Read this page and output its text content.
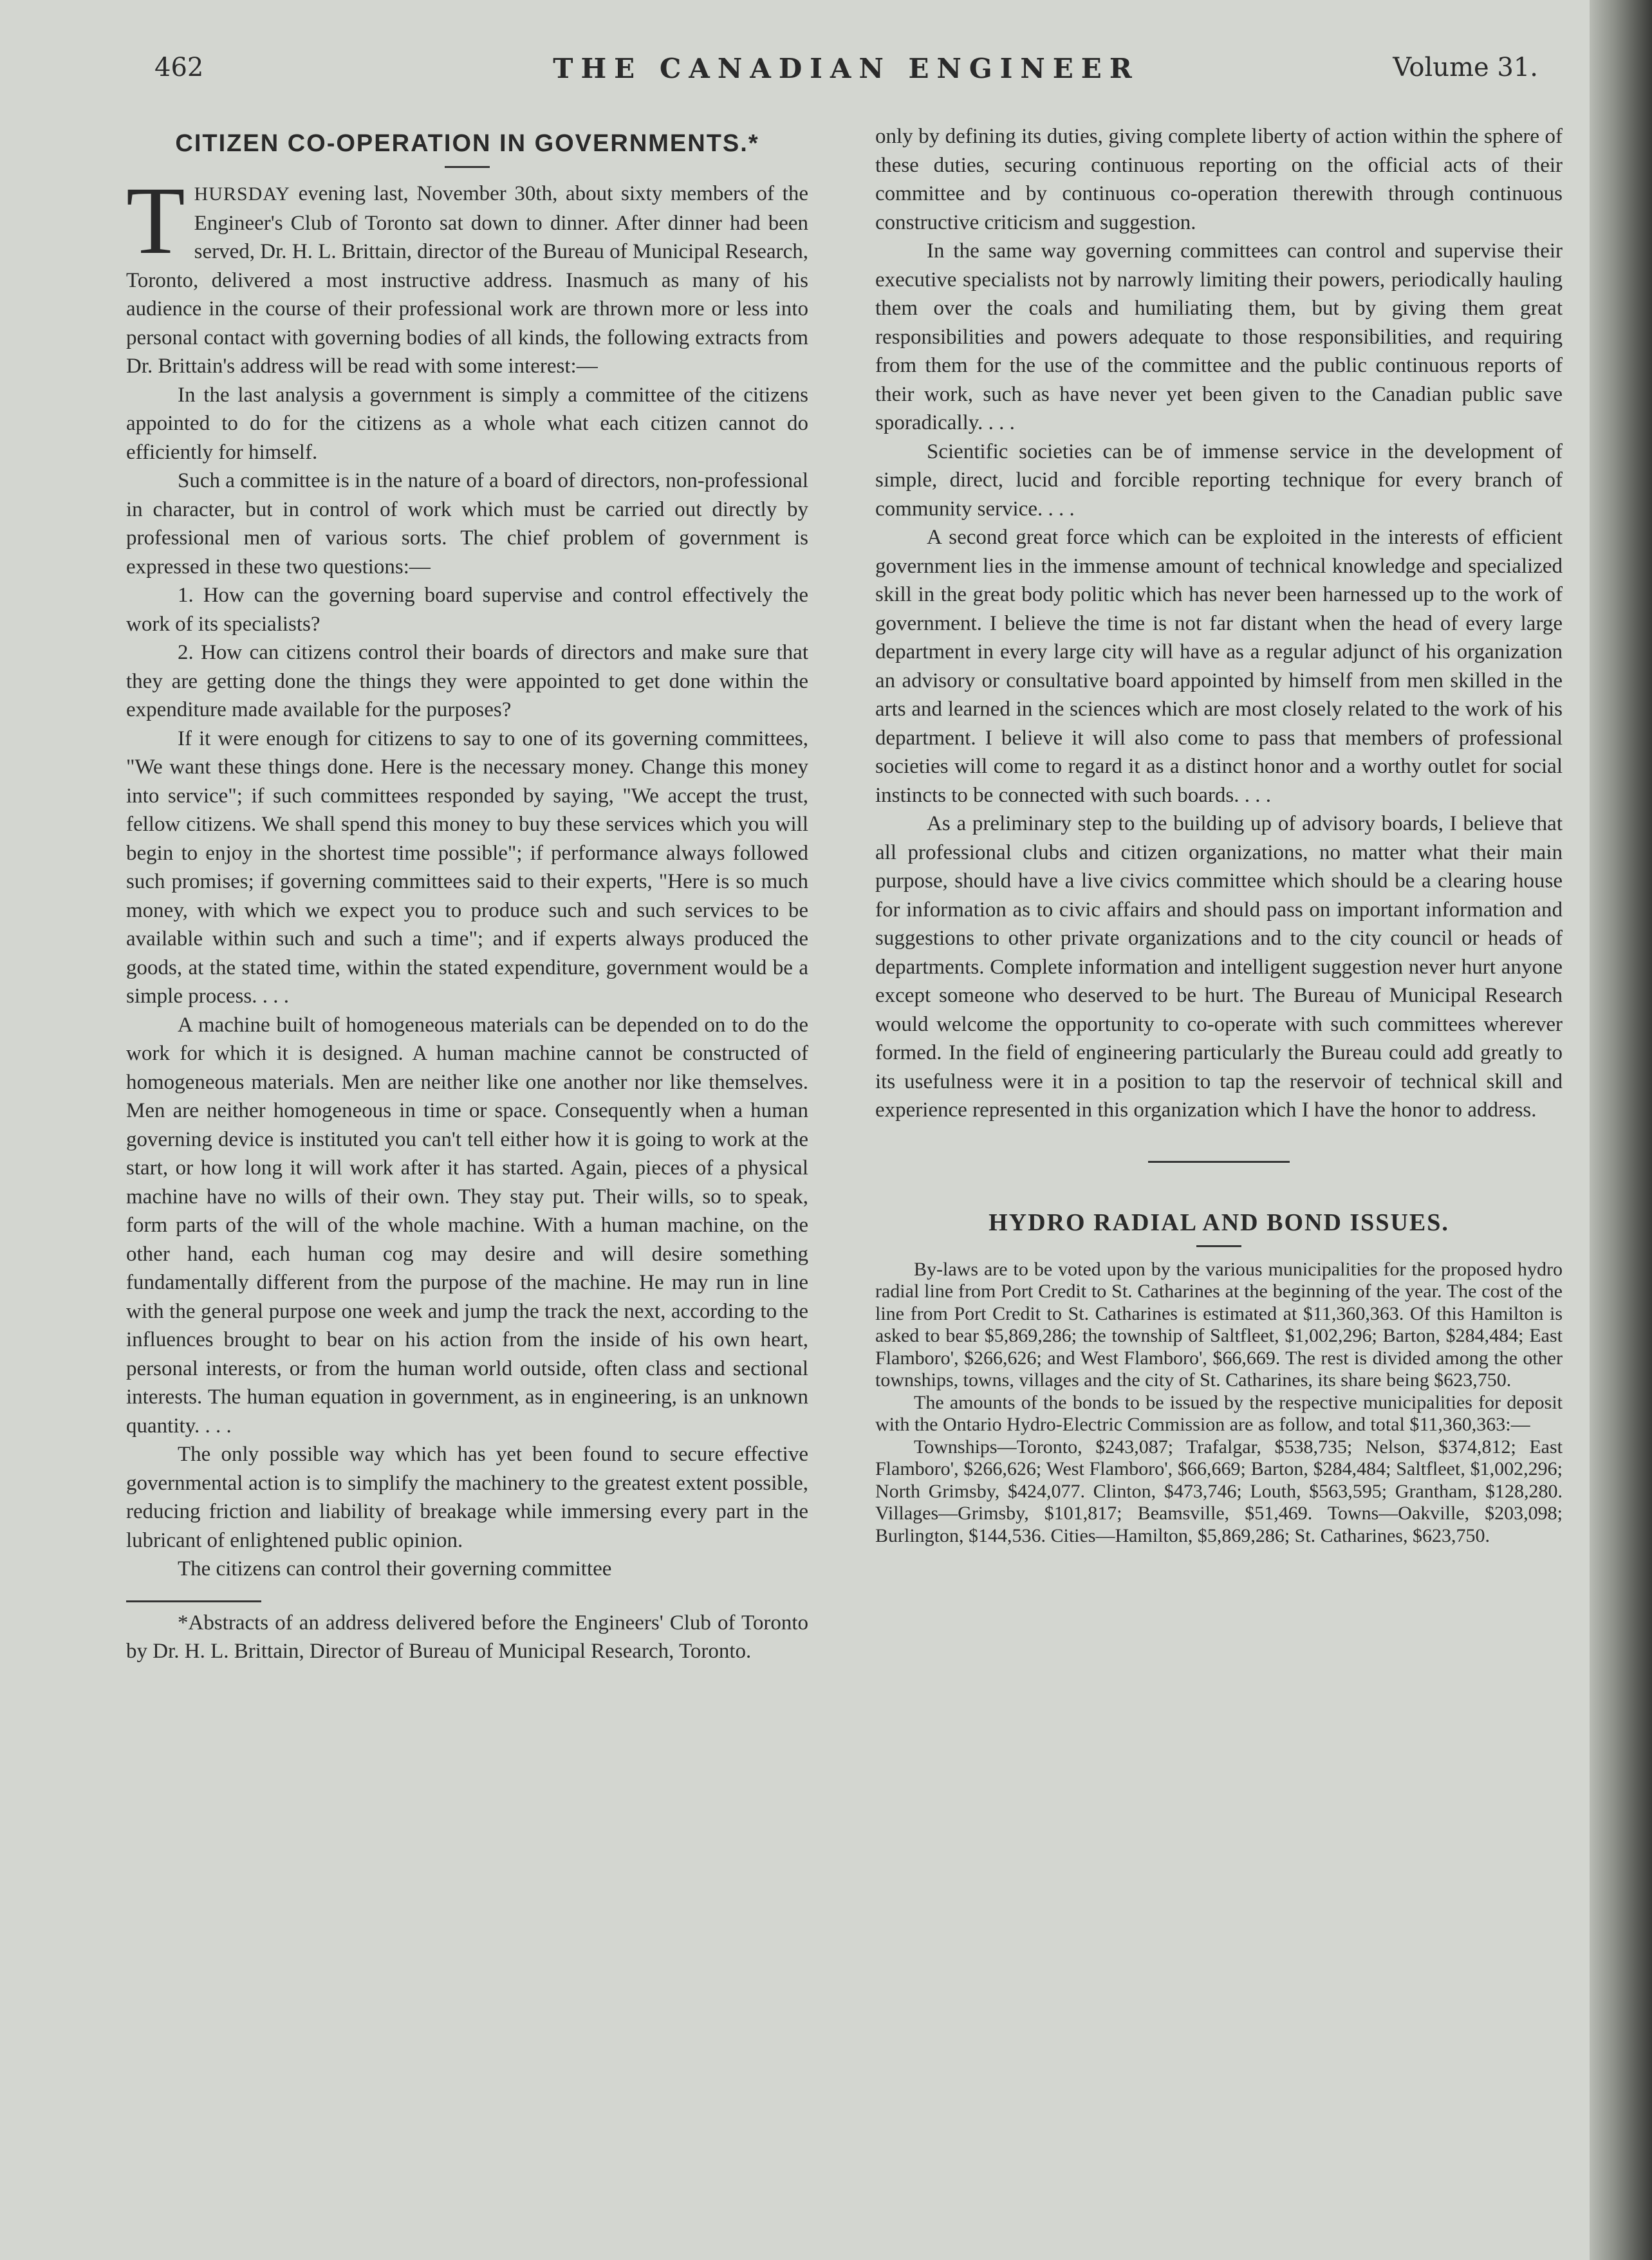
462	THE CANADIAN ENGINEER	Volume 31.
CITIZEN CO-OPERATION IN GOVERNMENTS.*
T HURSDAY evening last, November 30th, about sixty members of the Engineer's Club of Toronto sat down to dinner. After dinner had been served, Dr. H. L. Brittain, director of the Bureau of Municipal Research, Toronto, delivered a most instructive address. Inasmuch as many of his audience in the course of their professional work are thrown more or less into personal contact with governing bodies of all kinds, the following extracts from Dr. Brittain's address will be read with some interest:—

In the last analysis a government is simply a committee of the citizens appointed to do for the citizens as a whole what each citizen cannot do efficiently for himself.

Such a committee is in the nature of a board of directors, non-professional in character, but in control of work which must be carried out directly by professional men of various sorts. The chief problem of government is expressed in these two questions:—

1. How can the governing board supervise and control effectively the work of its specialists?

2. How can citizens control their boards of directors and make sure that they are getting done the things they were appointed to get done within the expenditure made available for the purposes?

If it were enough for citizens to say to one of its governing committees, "We want these things done. Here is the necessary money. Change this money into service"; if such committees responded by saying, "We accept the trust, fellow citizens. We shall spend this money to buy these services which you will begin to enjoy in the shortest time possible"; if performance always followed such promises; if governing committees said to their experts, "Here is so much money, with which we expect you to produce such and such services to be available within such and such a time"; and if experts always produced the goods, at the stated time, within the stated expenditure, government would be a simple process. . . .

A machine built of homogeneous materials can be depended on to do the work for which it is designed. A human machine cannot be constructed of homogeneous materials. Men are neither like one another nor like themselves. Men are neither homogeneous in time or space. Consequently when a human governing device is instituted you can't tell either how it is going to work at the start, or how long it will work after it has started. Again, pieces of a physical machine have no wills of their own. They stay put. Their wills, so to speak, form parts of the will of the whole machine. With a human machine, on the other hand, each human cog may desire and will desire something fundamentally different from the purpose of the machine. He may run in line with the general purpose one week and jump the track the next, according to the influences brought to bear on his action from the inside of his own heart, personal interests, or from the human world outside, often class and sectional interests. The human equation in government, as in engineering, is an unknown quantity. . . .

The only possible way which has yet been found to secure effective governmental action is to simplify the machinery to the greatest extent possible, reducing friction and liability of breakage while immersing every part in the lubricant of enlightened public opinion.

The citizens can control their governing committee

*Abstracts of an address delivered before the Engineers' Club of Toronto by Dr. H. L. Brittain, Director of Bureau of Municipal Research, Toronto.

only by defining its duties, giving complete liberty of action within the sphere of these duties, securing continuous reporting on the official acts of their committee and by continuous co-operation therewith through continuous constructive criticism and suggestion.

In the same way governing committees can control and supervise their executive specialists not by narrowly limiting their powers, periodically hauling them over the coals and humiliating them, but by giving them great responsibilities and powers adequate to those responsibilities, and requiring from them for the use of the committee and the public continuous reports of their work, such as have never yet been given to the Canadian public save sporadically. . . .

Scientific societies can be of immense service in the development of simple, direct, lucid and forcible reporting technique for every branch of community service. . . .

A second great force which can be exploited in the interests of efficient government lies in the immense amount of technical knowledge and specialized skill in the great body politic which has never been harnessed up to the work of government. I believe the time is not far distant when the head of every large department in every large city will have as a regular adjunct of his organization an advisory or consultative board appointed by himself from men skilled in the arts and learned in the sciences which are most closely related to the work of his department. I believe it will also come to pass that members of professional societies will come to regard it as a distinct honor and a worthy outlet for social instincts to be connected with such boards. . . .

As a preliminary step to the building up of advisory boards, I believe that all professional clubs and citizen organizations, no matter what their main purpose, should have a live civics committee which should be a clearing house for information as to civic affairs and should pass on important information and suggestions to other private organizations and to the city council or heads of departments. Complete information and intelligent suggestion never hurt anyone except someone who deserved to be hurt. The Bureau of Municipal Research would welcome the opportunity to co-operate with such committees wherever formed. In the field of engineering particularly the Bureau could add greatly to its usefulness were it in a position to tap the reservoir of technical skill and experience represented in this organization which I have the honor to address.

HYDRO RADIAL AND BOND ISSUES.

By-laws are to be voted upon by the various municipalities for the proposed hydro radial line from Port Credit to St. Catharines at the beginning of the year. The cost of the line from Port Credit to St. Catharines is estimated at $11,360,363. Of this Hamilton is asked to bear $5,869,286; the township of Saltfleet, $1,002,296; Barton, $284,484; East Flamboro', $266,626; and West Flamboro', $66,669. The rest is divided among the other townships, towns, villages and the city of St. Catharines, its share being $623,750.

The amounts of the bonds to be issued by the respective municipalities for deposit with the Ontario Hydro-Electric Commission are as follow, and total $11,360,363:—

Townships—Toronto, $243,087; Trafalgar, $538,735; Nelson, $374,812; East Flamboro', $266,626; West Flamboro', $66,669; Barton, $284,484; Saltfleet, $1,002,296; North Grimsby, $424,077. Clinton, $473,746; Louth, $563,595; Grantham, $128,280. Villages—Grimsby, $101,817; Beamsville, $51,469. Towns—Oakville, $203,098; Burlington, $144,536. Cities—Hamilton, $5,869,286; St. Catharines, $623,750.
